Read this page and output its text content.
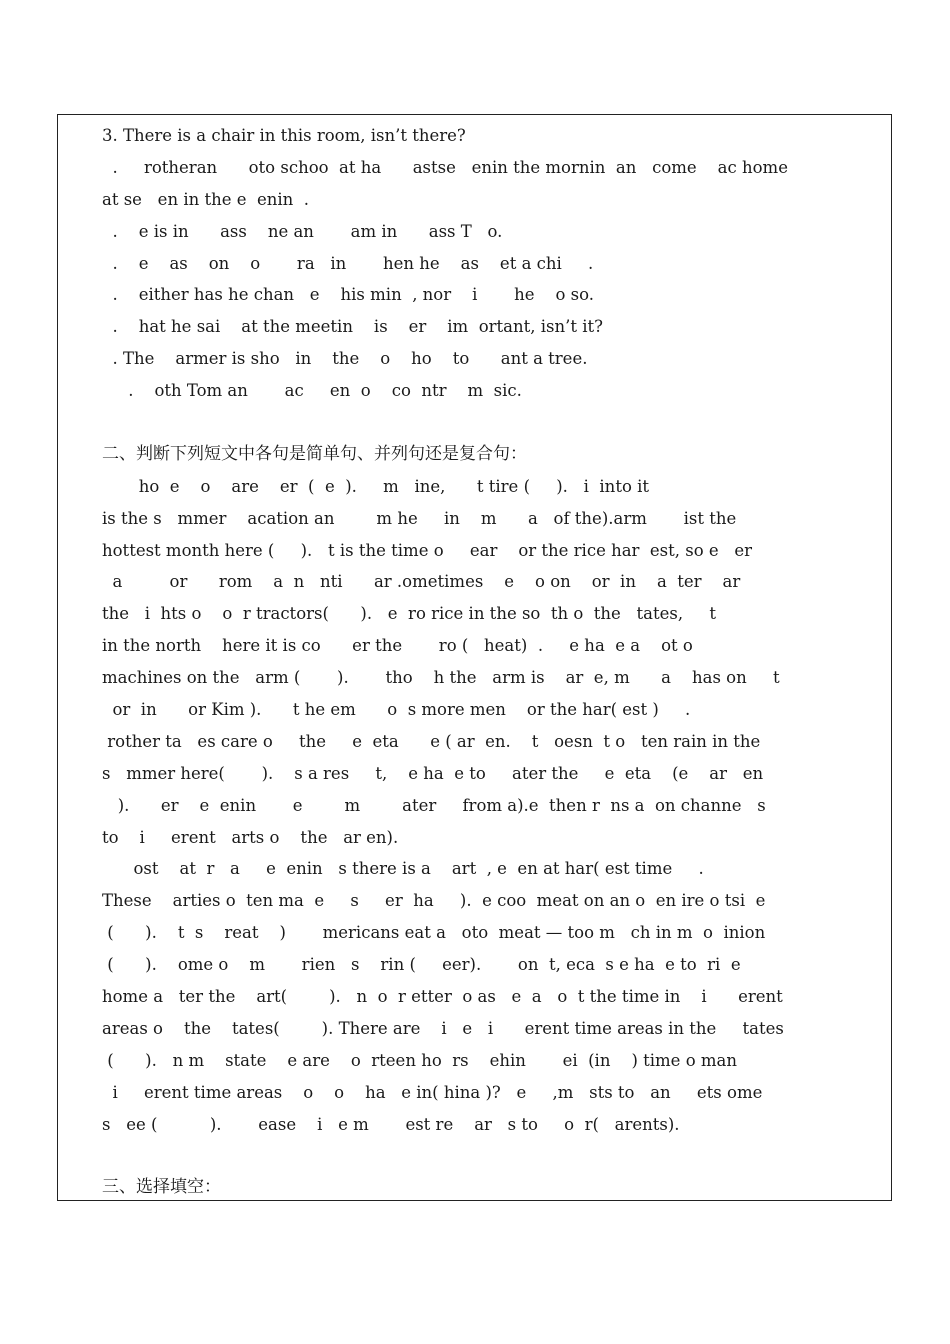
3. There is a chair in this room, isn’t there?
.     rotheran      oto schoo  at ha      astse   enin the mornin  an   come    ac home
at se   en in the e  enin  .
.    e is in      ass    ne an       am in      ass T   o.
.    e    as    on    o       ra   in       hen he    as    et a chi     .
.    either has he chan   e    his min  , nor    i       he    o so.
.    hat he sai    at the meetin    is    er    im  ortant, isn’t it?
. The    armer is sho   in    the    o    ho    to      ant a tree.
.    oth Tom an       ac     en  o    co  ntr    m  sic.
二、判断下列短文中各句是简单句、并列句还是复合句：
ho  e    o    are    er  (  e  ).     m   ine,      t tire (     ).   i  into it
is the s   mmer    acation an        m he     in    m      a   of the).arm       ist the
hottest month here (     ).   t is the time o     ear    or the rice har  est, so e   er
a         or      rom    a  n   nti      ar .ometimes    e    o on    or  in    a  ter    ar
the   i  hts o    o  r tractors(      ).   e  ro rice in the so  th o  the   tates,     t
in the north    here it is co      er the       ro (   heat)  .     e ha  e a    ot o
machines on the   arm (       ).       tho    h the   arm is    ar  e, m      a    has on     t
or  in      or Kim ).      t he em      o  s more men    or the har( est )     .
rother ta   es care o     the     e  eta      e ( ar  en.    t   oesn  t o   ten rain in the
s   mmer here(       ).    s a res     t,    e ha  e to     ater the     e  eta    (e    ar   en
).      er    e  enin       e        m        ater     from a).e  then r  ns a  on channe   s
to    i     erent   arts o    the   ar en).
ost    at  r   a     e  enin   s there is a    art  , e  en at har( est time     .
These    arties o  ten ma  e     s     er  ha     ).  e coo  meat on an o  en ire o tsi  e
(      ).    t  s    reat    )       mericans eat a   oto  meat — too m   ch in m  o  inion
(      ).    ome o    m       rien   s    rin (     eer).       on  t, eca  s e ha  e to  ri  e
home a   ter the    art(        ).   n  o  r etter  o as   e  a   o  t the time in    i      erent
areas o    the    tates(        ). There are    i   e   i      erent time areas in the     tates
(      ).   n m    state    e are    o  rteen ho  rs    ehin       ei  (in    ) time o man
i     erent time areas    o    o    ha   e in( hina )?   e     ,m   sts to   an     ets ome
s   ee (          ).       ease    i   e m       est re    ar   s to     o  r(   arents).
三、选择填空：
